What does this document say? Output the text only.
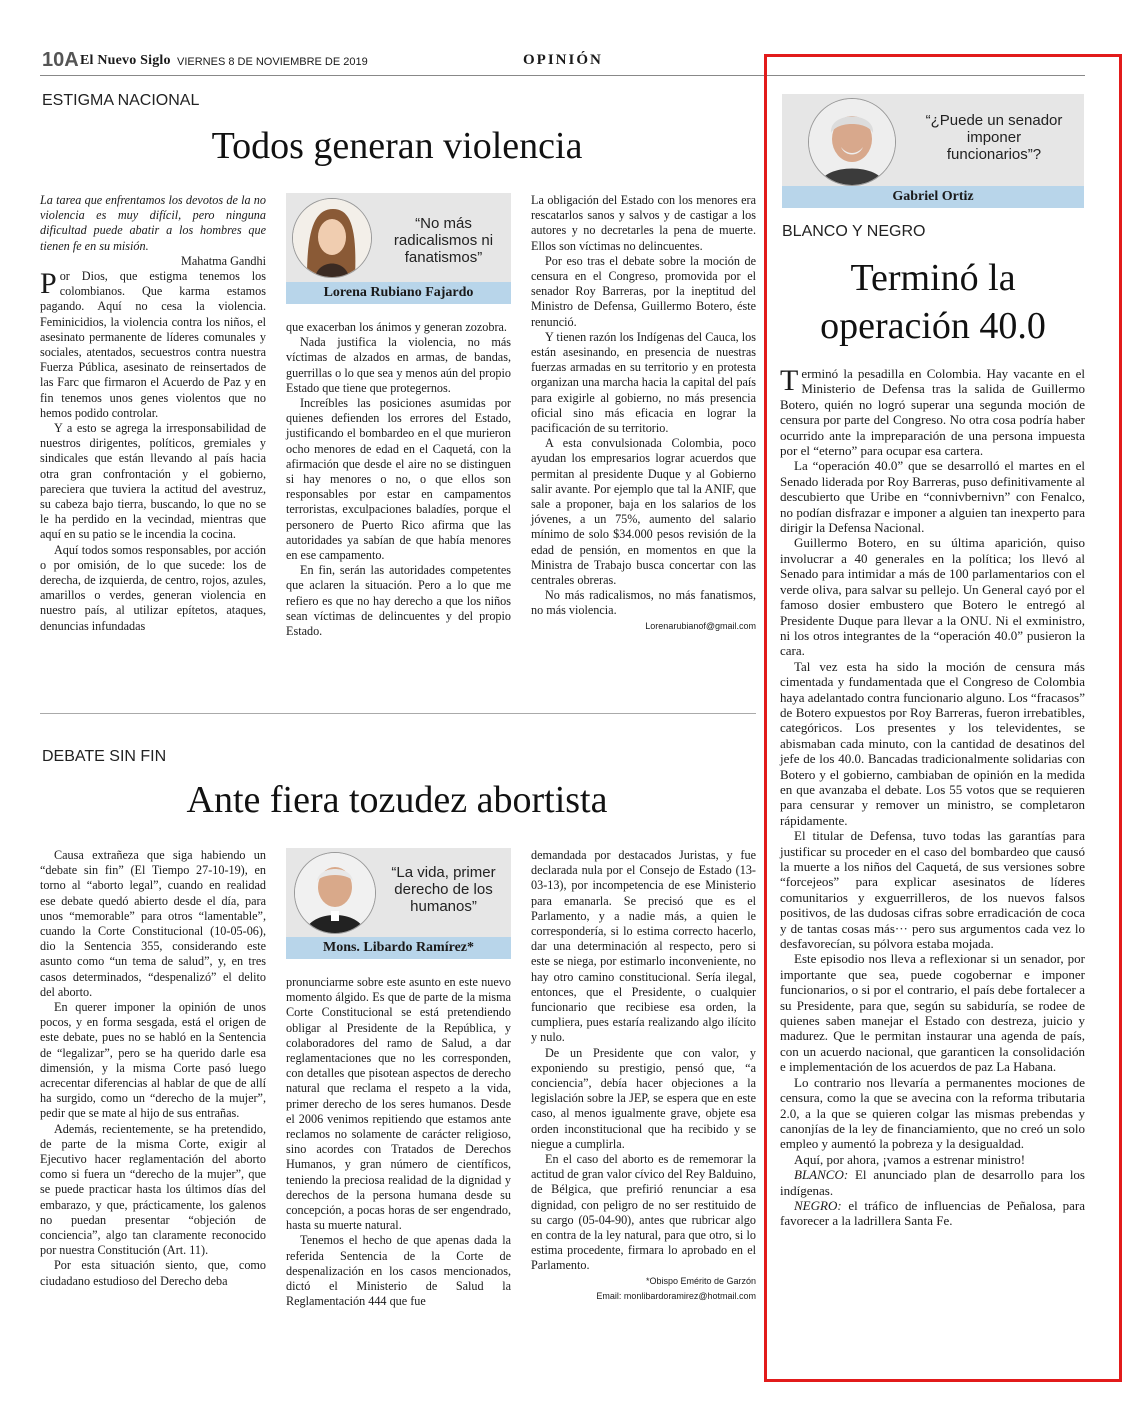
10A El Nuevo Siglo VIERNES 8 DE NOVIEMBRE DE 2019	OPINIÓN
ESTIGMA NACIONAL
Todos generan violencia

La tarea que enfrentamos los devotos de la no violencia es muy difícil, pero ninguna dificultad puede abatir a los hombres que tienen fe en su misión.

Mahatma Gandhi

Por Dios, que estigma tenemos los colombianos. Que karma estamos pagando. Aquí no cesa la violencia. Feminicidios, la violencia contra los niños, el asesinato permanente de líderes comunales y sociales, atentados, secuestros contra nuestra Fuerza Pública, asesinato de reinsertados de las Farc que firmaron el Acuerdo de Paz y en fin tenemos unos genes violentos que no hemos podido controlar.

Y a esto se agrega la irresponsabilidad de nuestros dirigentes, políticos, gremiales y sindicales que están llevando al país hacia otra gran confrontación y el gobierno, pareciera que tuviera la actitud del avestruz, su cabeza bajo tierra, buscando, lo que no se le ha perdido en la vecindad, mientras que aquí en su patio se le incendia la cocina.

Aquí todos somos responsables, por acción o por omisión, de lo que sucede: los de derecha, de izquierda, de centro, rojos, azules, amarillos o verdes, generan violencia en nuestro país, al utilizar epítetos, ataques, denuncias infundadas

“No más radicalismos ni fanatismos”
Lorena Rubiano Fajardo

que exacerban los ánimos y generan zozobra.

Nada justifica la violencia, no más víctimas de alzados en armas, de bandas, guerrillas o lo que sea y menos aún del propio Estado que tiene que protegernos.

Increíbles las posiciones asumidas por quienes defienden los errores del Estado, justificando el bombardeo en el que murieron ocho menores de edad en el Caquetá, con la afirmación que desde el aire no se distinguen si hay menores o no, o que ellos son responsables por estar en campamentos terroristas, exculpaciones baladíes, porque el personero de Puerto Rico afirma que las autoridades ya sabían de que había menores en ese campamento.

En fin, serán las autoridades competentes que aclaren la situación. Pero a lo que me refiero es que no hay derecho a que los niños sean víctimas de delincuentes y del propio Estado.

La obligación del Estado con los menores era rescatarlos sanos y salvos y de castigar a los autores y no decretarles la pena de muerte. Ellos son víctimas no delincuentes.

Por eso tras el debate sobre la moción de censura en el Congreso, promovida por el senador Roy Barreras, por la ineptitud del Ministro de Defensa, Guillermo Botero, éste renunció.

Y tienen razón los Indígenas del Cauca, los están asesinando, en presencia de nuestras fuerzas armadas en su territorio y en protesta organizan una marcha hacia la capital del país para exigirle al gobierno, no más presencia oficial sino más eficacia en lograr la pacificación de su territorio.

A esta convulsionada Colombia, poco ayudan los empresarios lograr acuerdos que permitan al presidente Duque y al Gobierno salir avante. Por ejemplo que tal la ANIF, que sale a proponer, baja en los salarios de los jóvenes, a un 75%, aumento del salario mínimo de solo $34.000 pesos revisión de la edad de pensión, en momentos en que la Ministra de Trabajo busca concertar con las centrales obreras.

No más radicalismos, no más fanatismos, no más violencia.

Lorenarubianof@gmail.com

DEBATE SIN FIN
Ante fiera tozudez abortista

Causa extrañeza que siga habiendo un “debate sin fin” (El Tiempo 27-10-19), en torno al “aborto legal”, cuando en realidad ese debate quedó abierto desde el día, para unos “memorable” para otros “lamentable”, cuando la Corte Constitucional (10-05-06), dio la Sentencia 355, considerando este asunto como “un tema de salud”, y, en tres casos determinados, “despenalizó” el delito del aborto.

En querer imponer la opinión de unos pocos, y en forma sesgada, está el origen de este debate, pues no se habló en la Sentencia de “legalizar”, pero se ha querido darle esa dimensión, y la misma Corte pasó luego acrecentar diferencias al hablar de que de allí ha surgido, como un “derecho de la mujer”, pedir que se mate al hijo de sus entrañas.

Además, recientemente, se ha pretendido, de parte de la misma Corte, exigir al Ejecutivo hacer reglamentación del aborto como si fuera un “derecho de la mujer”, que se puede practicar hasta los últimos días del embarazo, y que, prácticamente, los galenos no puedan presentar “objeción de conciencia”, algo tan claramente reconocido por nuestra Constitución (Art. 11).

Por esta situación siento, que, como ciudadano estudioso del Derecho deba

“La vida, primer derecho de los humanos”
Mons. Libardo Ramírez*

pronunciarme sobre este asunto en este nuevo momento álgido. Es que de parte de la misma Corte Constitucional se está pretendiendo obligar al Presidente de la República, y colaboradores del ramo de Salud, a dar reglamentaciones que no les corresponden, con detalles que pisotean aspectos de derecho natural que reclama el respeto a la vida, primer derecho de los seres humanos. Desde el 2006 venimos repitiendo que estamos ante reclamos no solamente de carácter religioso, sino acordes con Tratados de Derechos Humanos, y gran número de científicos, teniendo la preciosa realidad de la dignidad y derechos de la persona humana desde su concepción, a pocas horas de ser engendrado, hasta su muerte natural.

Tenemos el hecho de que apenas dada la referida Sentencia de la Corte de despenalización en los casos mencionados, dictó el Ministerio de Salud la Reglamentación 444 que fue

demandada por destacados Juristas, y fue declarada nula por el Consejo de Estado (13-03-13), por incompetencia de ese Ministerio para emanarla. Se precisó que es el Parlamento, y a nadie más, a quien le correspondería, si lo estima correcto hacerlo, dar una determinación al respecto, pero si este se niega, por estimarlo inconveniente, no hay otro camino constitucional. Sería ilegal, entonces, que el Presidente, o cualquier funcionario que recibiese esa orden, la cumpliera, pues estaría realizando algo ilícito y nulo.

De un Presidente que con valor, y exponiendo su prestigio, pensó que, “a conciencia”, debía hacer objeciones a la legislación sobre la JEP, se espera que en este caso, al menos igualmente grave, objete esa orden inconstitucional que ha recibido y se niegue a cumplirla.

En el caso del aborto es de rememorar la actitud de gran valor cívico del Rey Balduino, de Bélgica, que prefirió renunciar a esa dignidad, con peligro de no ser restituido de su cargo (05-04-90), antes que rubricar algo en contra de la ley natural, para que otro, si lo estima procedente, firmara lo aprobado en el Parlamento.

*Obispo Emérito de Garzón

Email: monlibardoramirez@hotmail.com

“¿Puede un senador imponer funcionarios”?
Gabriel Ortiz
BLANCO Y NEGRO
Terminó la operación 40.0

Terminó la pesadilla en Colombia. Hay vacante en el Ministerio de Defensa tras la salida de Guillermo Botero, quién no logró superar una segunda moción de censura por parte del Congreso. No otra cosa podría haber ocurrido ante la impreparación de una persona impuesta por el “eterno” para ocupar esa cartera.

La “operación 40.0” que se desarrolló el martes en el Senado liderada por Roy Barreras, puso definitivamente al descubierto que Uribe en “connivbernivn” con Fenalco, no podían disfrazar e imponer a alguien tan inexperto para dirigir la Defensa Nacional.

Guillermo Botero, en su última aparición, quiso involucrar a 40 generales en la política; los llevó al Senado para intimidar a más de 100 parlamentarios con el verde oliva, para salvar su pellejo. Un General cayó por el famoso dosier embustero que Botero le entregó al Presidente Duque para llevar a la ONU. Ni el exministro, ni los otros integrantes de la “operación 40.0” pusieron la cara.

Tal vez esta ha sido la moción de censura más cimentada y fundamentada que el Congreso de Colombia haya adelantado contra funcionario alguno. Los “fracasos” de Botero expuestos por Roy Barreras, fueron irrebatibles, categóricos. Los presentes y los televidentes, se abismaban cada minuto, con la cantidad de desatinos del jefe de los 40.0. Bancadas tradicionalmente solidarias con Botero y el gobierno, cambiaban de opinión en la medida en que avanzaba el debate. Los 55 votos que se requieren para censurar y remover un ministro, se completaron rápidamente.

El titular de Defensa, tuvo todas las garantías para justificar su proceder en el caso del bombardeo que causó la muerte a los niños del Caquetá, de sus versiones sobre “forcejeos” para explicar asesinatos de líderes comunitarios y exguerrilleros, de los nuevos falsos positivos, de las dudosas cifras sobre erradicación de coca y de tantas cosas más··· pero sus argumentos cada vez lo desfavorecían, su pólvora estaba mojada.

Este episodio nos lleva a reflexionar si un senador, por importante que sea, puede cogobernar e imponer funcionarios, o si por el contrario, el país debe fortalecer a su Presidente, para que, según su sabiduría, se rodee de quienes saben manejar el Estado con destreza, juicio y madurez. Que le permitan instaurar una agenda de país, con un acuerdo nacional, que garanticen la consolidación e implementación de los acuerdos de paz La Habana.

Lo contrario nos llevaría a permanentes mociones de censura, como la que se avecina con la reforma tributaria 2.0, a la que se quieren colgar las mismas prebendas y canonjías de la ley de financiamiento, que no creó un solo empleo y aumentó la pobreza y la desigualdad.

Aquí, por ahora, ¡vamos a estrenar ministro!

BLANCO: El anunciado plan de desarrollo para los indígenas.

NEGRO: el tráfico de influencias de Peñalosa, para favorecer a la ladrillera Santa Fe.
